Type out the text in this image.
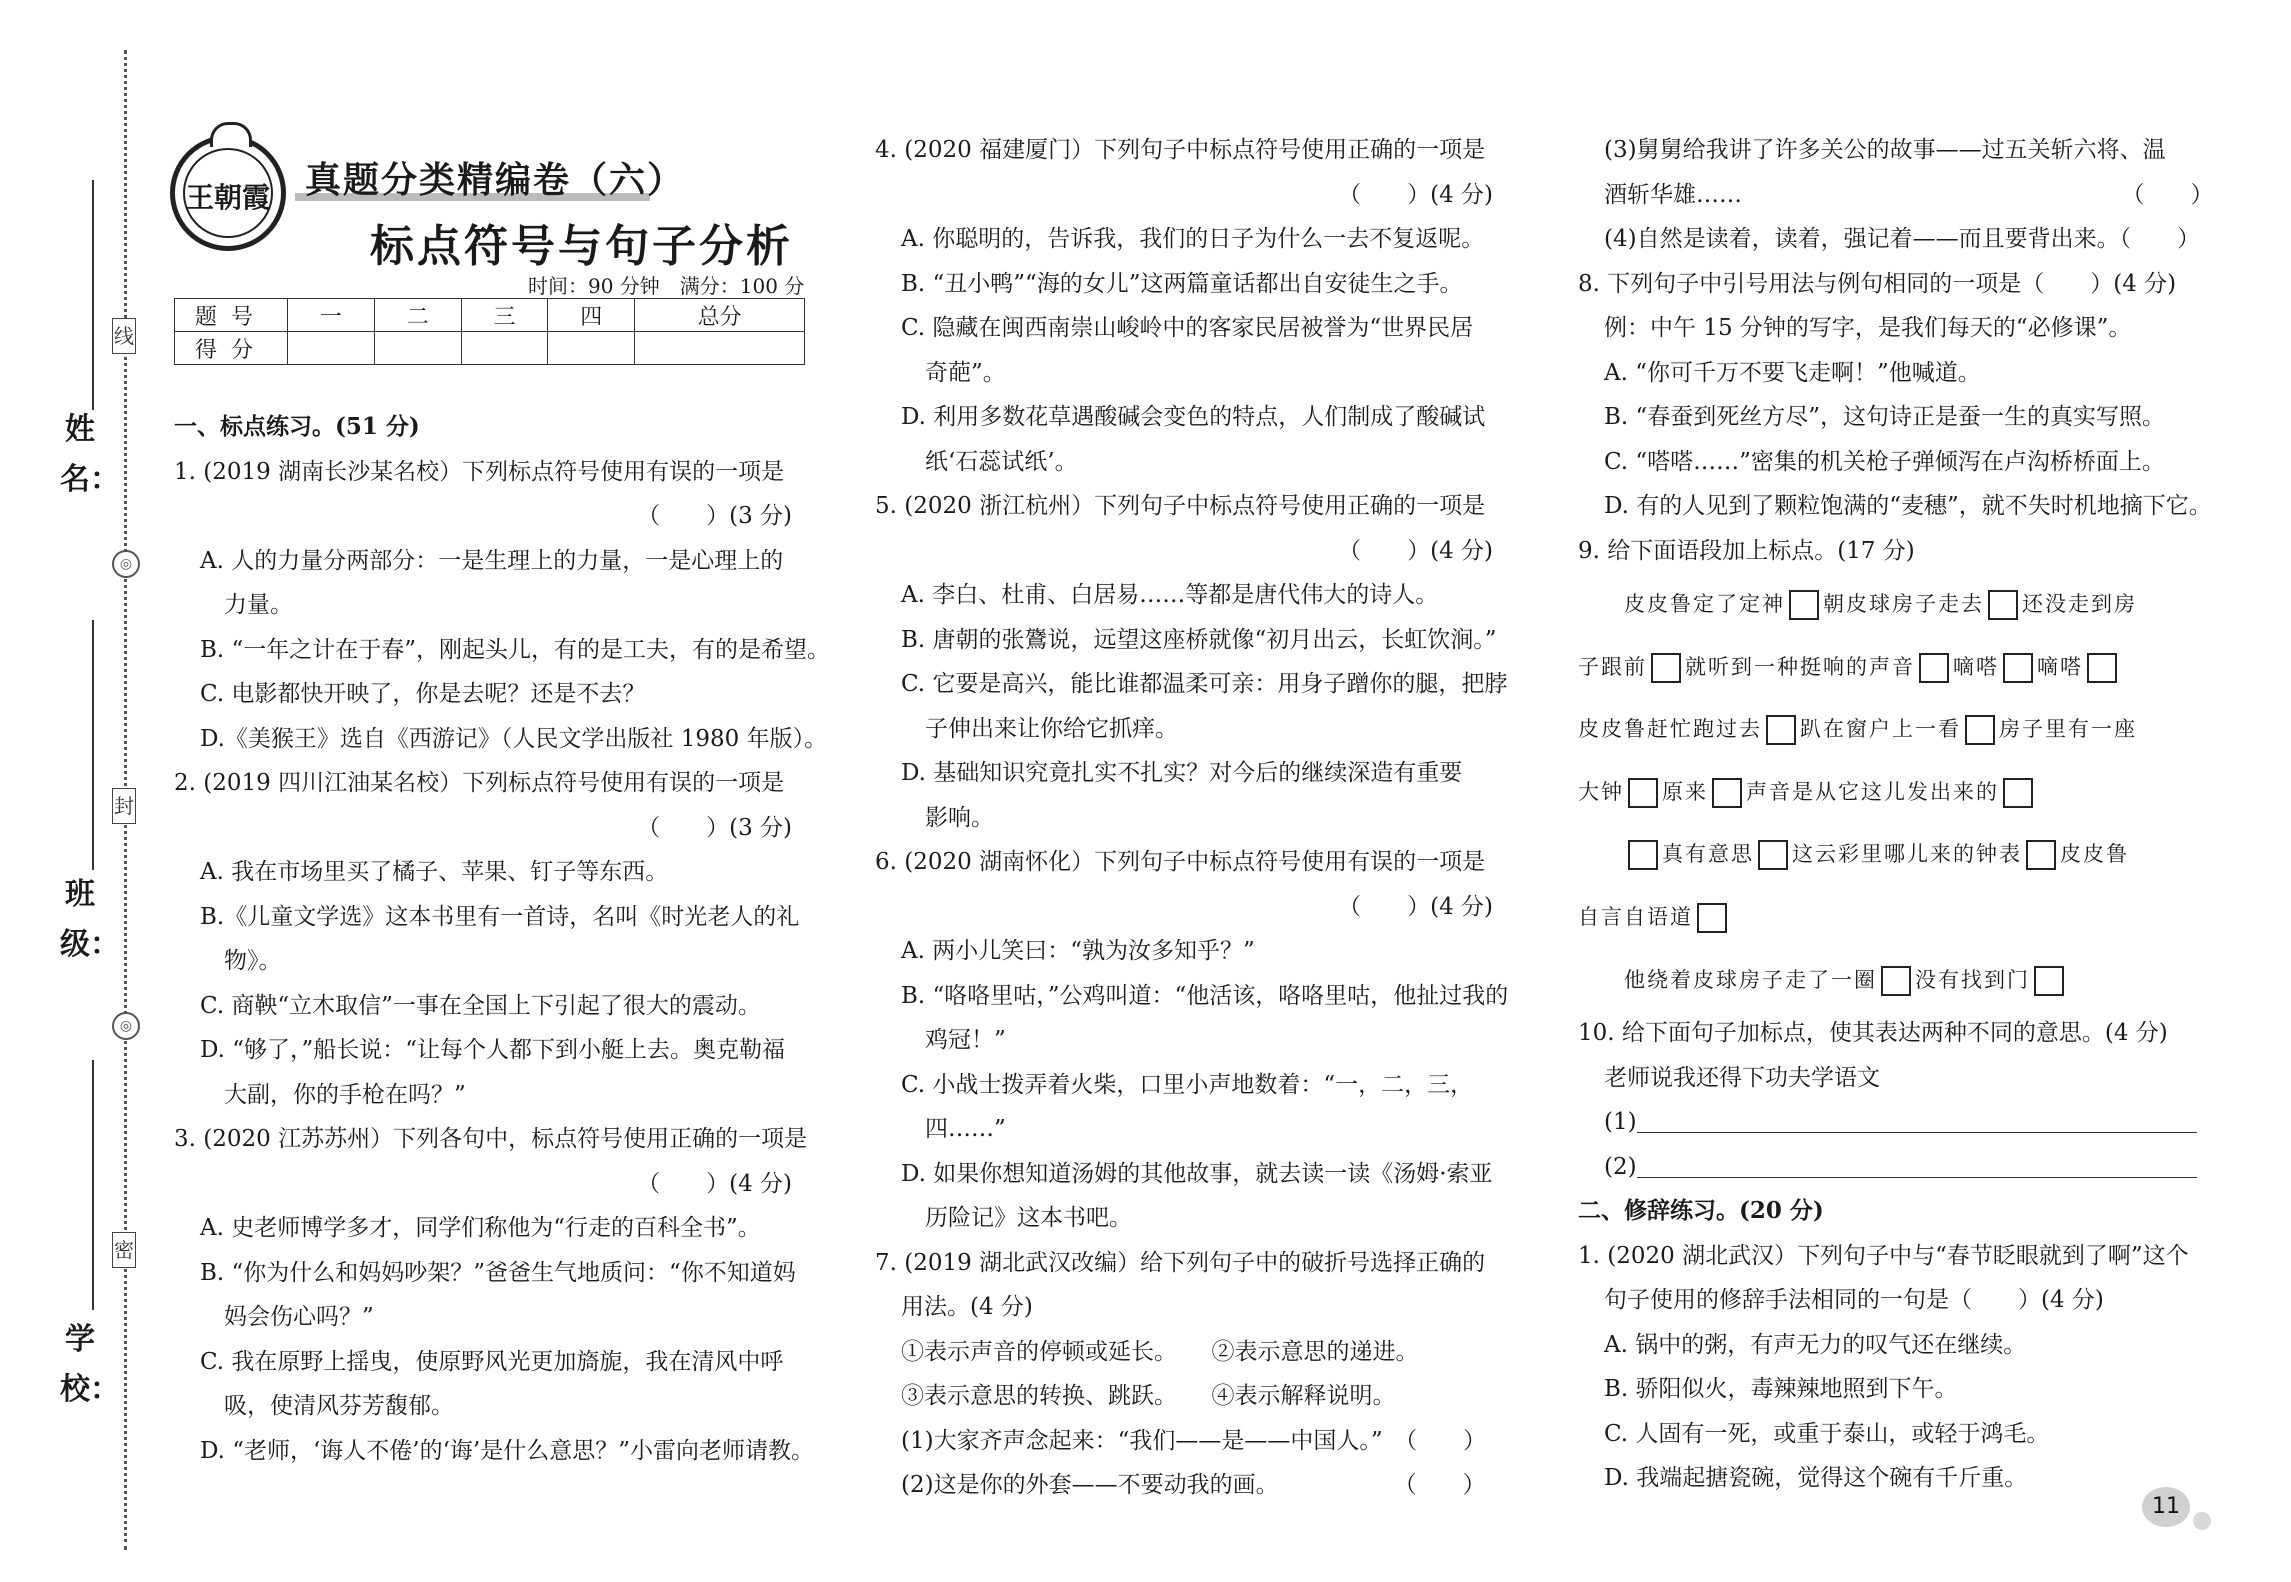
线
封
密
◎
◎
姓
名：
班
级：
学
校：
王朝霞 真题分类精编卷（六）
标点符号与句子分析
时间：90 分钟　满分：100 分
题号	一	二	三	四	总分
得分					
一、标点练习。(51 分)
1. (2019 湖南长沙某名校）下列标点符号使用有误的一项是
（　　）(3 分)
A. 人的力量分两部分：一是生理上的力量，一是心理上的
力量。
B. “一年之计在于春”，刚起头儿，有的是工夫，有的是希望。
C. 电影都快开映了，你是去呢？还是不去？
D.《美猴王》选自《西游记》（人民文学出版社 1980 年版）。
2. (2019 四川江油某名校）下列标点符号使用有误的一项是
（　　）(3 分)
A. 我在市场里买了橘子、苹果、钉子等东西。
B.《儿童文学选》这本书里有一首诗，名叫《时光老人的礼
物》。
C. 商鞅“立木取信”一事在全国上下引起了很大的震动。
D. “够了，”船长说：“让每个人都下到小艇上去。奥克勒福
大副，你的手枪在吗？”
3. (2020 江苏苏州）下列各句中，标点符号使用正确的一项是
（　　）(4 分)
A. 史老师博学多才，同学们称他为“行走的百科全书”。
B. “你为什么和妈妈吵架？”爸爸生气地质问：“你不知道妈
妈会伤心吗？”
C. 我在原野上揺曳，使原野风光更加旖旎，我在清风中呼
吸，使清风芬芳馥郁。
D. “老师，‘诲人不倦’的‘诲’是什么意思？”小雷向老师请教。
4. (2020 福建厦门）下列句子中标点符号使用正确的一项是
（　　）(4 分)
A. 你聪明的，告诉我，我们的日子为什么一去不复返呢。
B. “丑小鸭”“海的女儿”这两篇童话都出自安徒生之手。
C. 隐藏在闽西南崇山峻岭中的客家民居被誉为“世界民居
奇葩”。
D. 利用多数花草遇酸碱会变色的特点，人们制成了酸碱试
纸‘石蕊试纸’。
5. (2020 浙江杭州）下列句子中标点符号使用正确的一项是
（　　）(4 分)
A. 李白、杜甫、白居易……等都是唐代伟大的诗人。
B. 唐朝的张鷟说，远望这座桥就像“初月出云，长虹饮涧。”
C. 它要是高兴，能比谁都温柔可亲：用身子蹭你的腿，把脖
子伸出来让你给它抓痒。
D. 基础知识究竟扎实不扎实？对今后的继续深造有重要
影响。
6. (2020 湖南怀化）下列句子中标点符号使用有误的一项是
（　　）(4 分)
A. 两小儿笑曰：“孰为汝多知乎？”
B. “咯咯里咕，”公鸡叫道：“他活该，咯咯里咕，他扯过我的
鸡冠！”
C. 小战士拨弄着火柴，口里小声地数着：“一，二，三，
四……”
D. 如果你想知道汤姆的其他故事，就去读一读《汤姆·索亚
历险记》这本书吧。
7. (2019 湖北武汉改编）给下列句子中的破折号选择正确的
用法。(4 分)
①表示声音的停顿或延长。　　②表示意思的递进。
③表示意思的转换、跳跃。　　④表示解释说明。
(1)大家齐声念起来：“我们——是——中国人。”　（　　）
(2)这是你的外套——不要动我的画。　　　　　　（　　）
(3)舅舅给我讲了许多关公的故事——过五关斩六将、温
酒斩华雄……　　　　　　　　　　　　　　　　　（　　）
(4)自然是读着，读着，强记着——而且要背出来。（　　）
8. 下列句子中引号用法与例句相同的一项是（　　）(4 分)
例：中午 15 分钟的写字，是我们每天的“必修课”。
A. “你可千万不要飞走啊！”他喊道。
B. “春蚕到死丝方尽”，这句诗正是蚕一生的真实写照。
C. “嗒嗒……”密集的机关枪子弹倾泻在卢沟桥桥面上。
D. 有的人见到了颗粒饱满的“麦穗”，就不失时机地摘下它。
9. 给下面语段加上标点。(17 分)
　　皮皮鲁定了定神 朝皮球房子走去 还没走到房
子跟前 就听到一种挺响的声音 嘀嗒 嘀嗒
皮皮鲁赶忙跑过去 趴在窗户上一看 房子里有一座
大钟 原来 声音是从它这儿发出来的
　　真有意思 这云彩里哪儿来的钟表 皮皮鲁
自言自语道
　　他绕着皮球房子走了一圈 没有找到门
10. 给下面句子加标点，使其表达两种不同的意思。(4 分)
老师说我还得下功夫学语文
(1)
(2)
二、修辞练习。(20 分)
1. (2020 湖北武汉）下列句子中与“春节眨眼就到了啊”这个
句子使用的修辞手法相同的一句是（　　）(4 分)
A. 锅中的粥，有声无力的叹气还在继续。
B. 骄阳似火，毒辣辣地照到下午。
C. 人固有一死，或重于泰山，或轻于鸿毛。
D. 我端起搪瓷碗，觉得这个碗有千斤重。
11
